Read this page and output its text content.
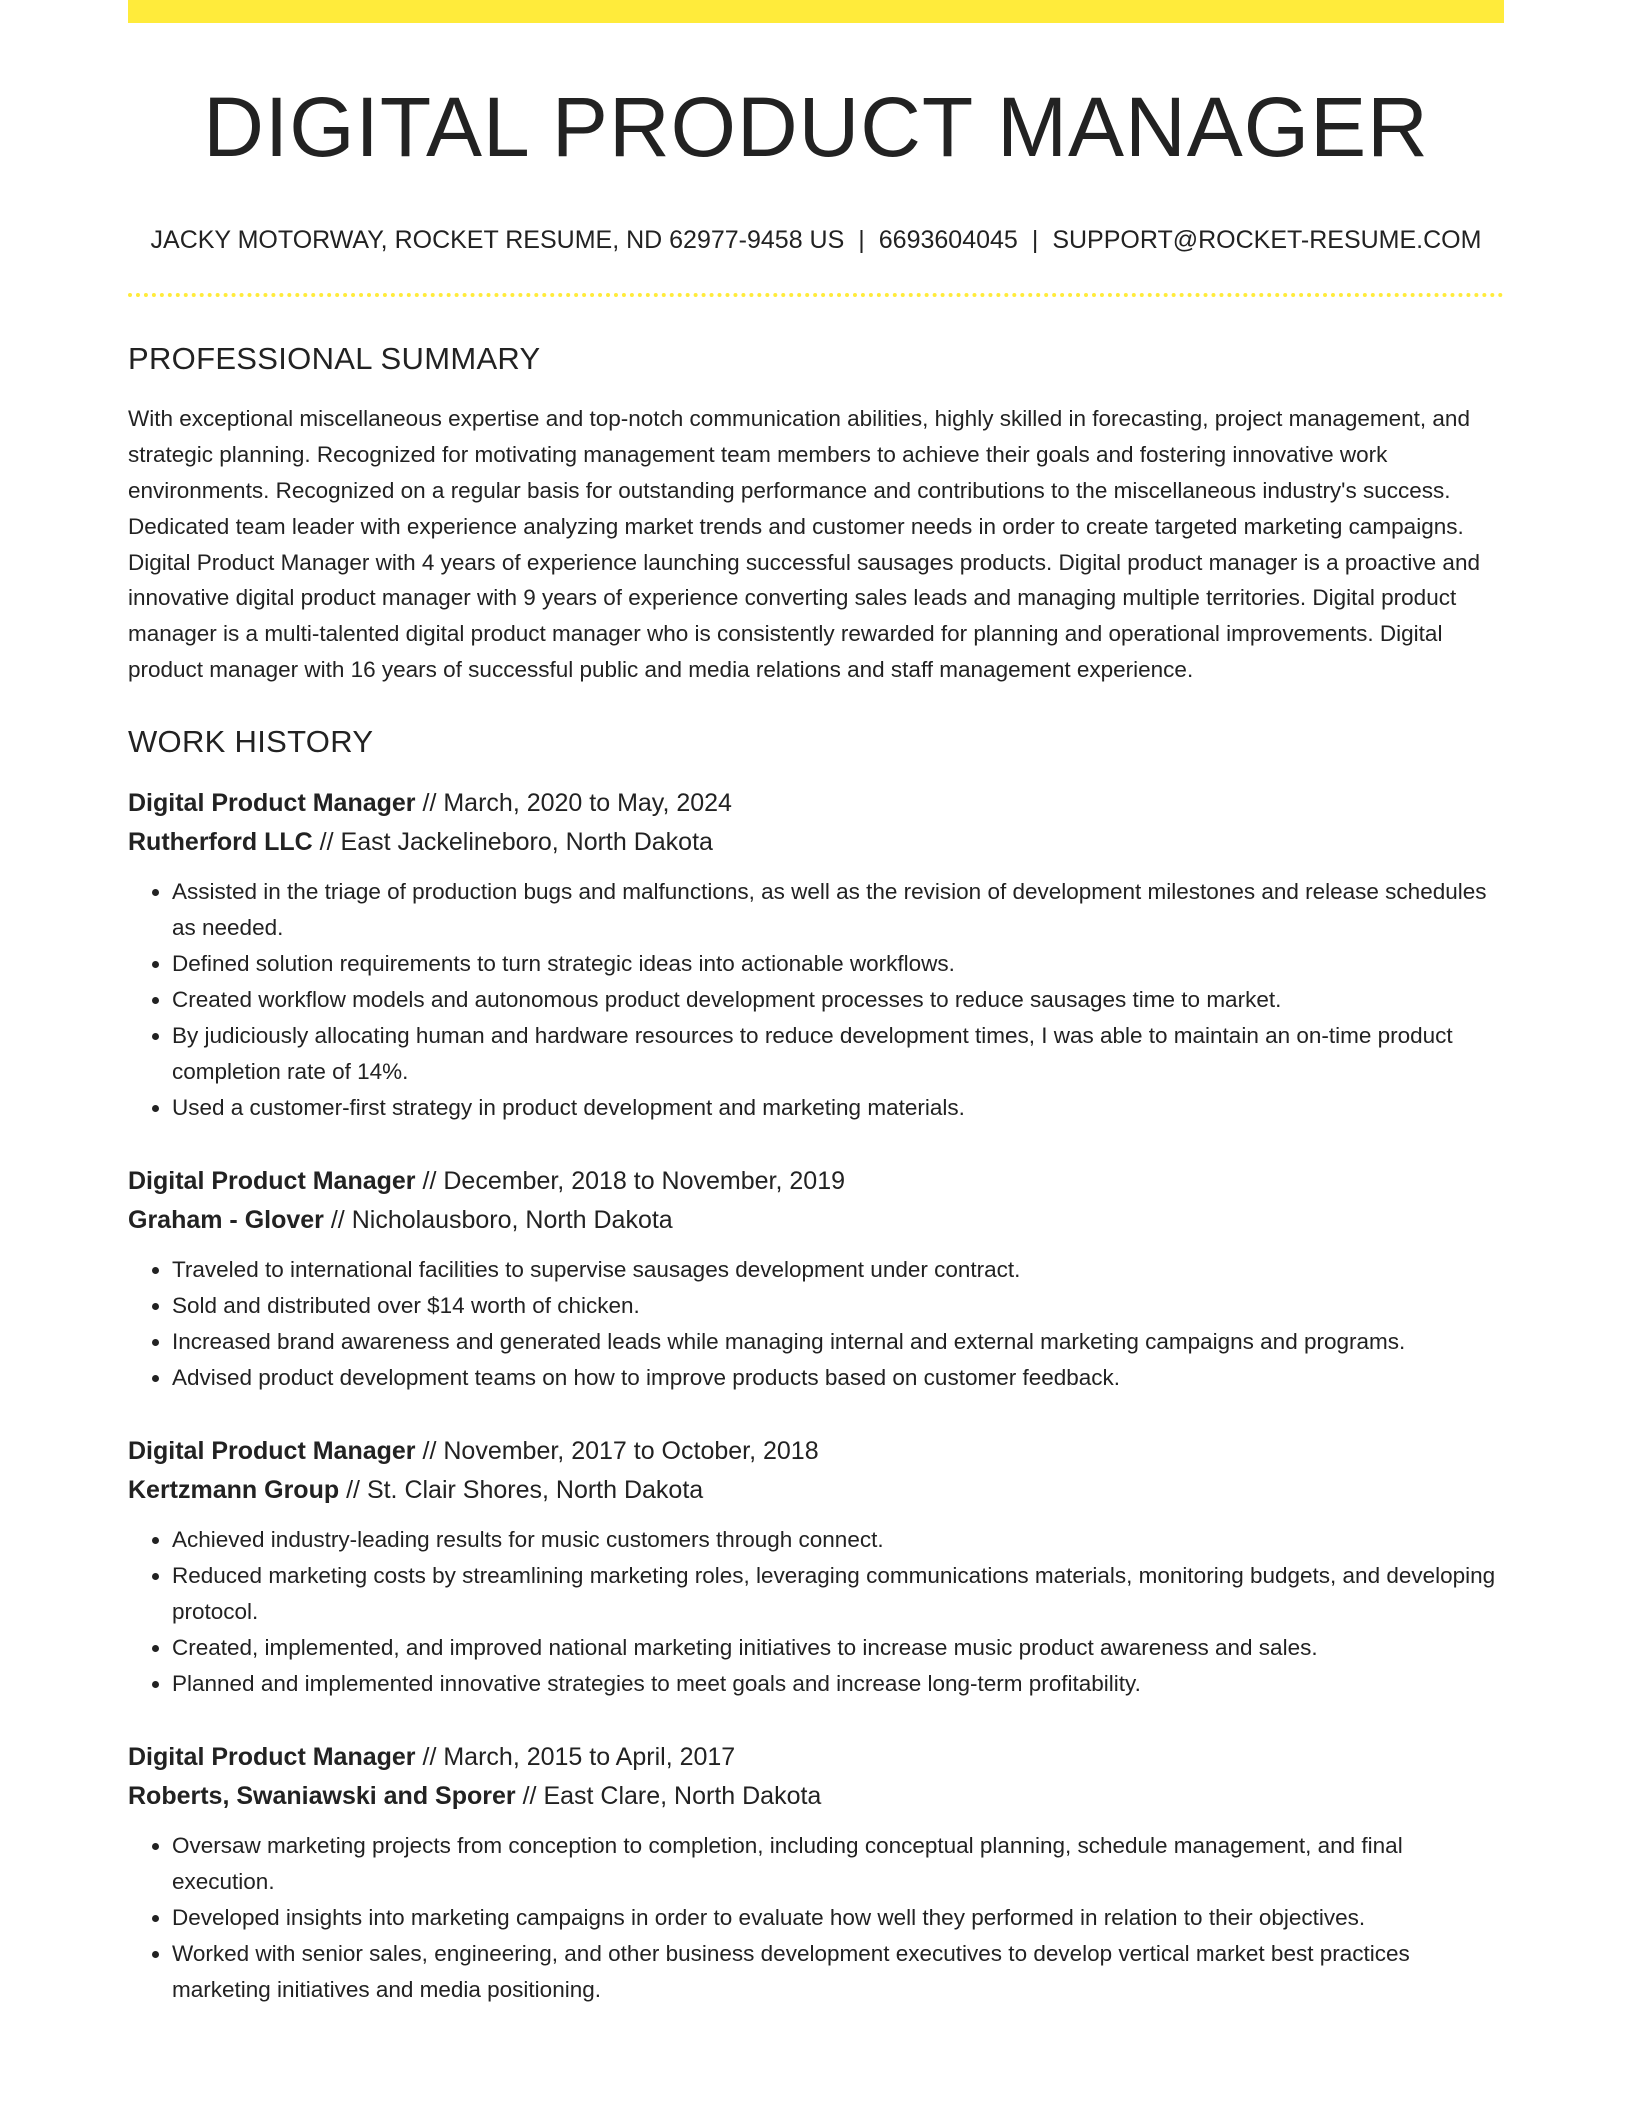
DIGITAL PRODUCT MANAGER
JACKY MOTORWAY, ROCKET RESUME, ND 62977-9458 US | 6693604045 | SUPPORT@ROCKET-RESUME.COM
PROFESSIONAL SUMMARY

With exceptional miscellaneous expertise and top-notch communication abilities, highly skilled in forecasting, project management, and strategic planning. Recognized for motivating management team members to achieve their goals and fostering innovative work environments. Recognized on a regular basis for outstanding performance and contributions to the miscellaneous industry's success. Dedicated team leader with experience analyzing market trends and customer needs in order to create targeted marketing campaigns. Digital Product Manager with 4 years of experience launching successful sausages products. Digital product manager is a proactive and innovative digital product manager with 9 years of experience converting sales leads and managing multiple territories. Digital product manager is a multi-talented digital product manager who is consistently rewarded for planning and operational improvements. Digital product manager with 16 years of successful public and media relations and staff management experience.

WORK HISTORY
Digital Product Manager // March, 2020 to May, 2024
Rutherford LLC // East Jackelineboro, North Dakota
• Assisted in the triage of production bugs and malfunctions, as well as the revision of development milestones and release schedules as needed.
• Defined solution requirements to turn strategic ideas into actionable workflows.
• Created workflow models and autonomous product development processes to reduce sausages time to market.
• By judiciously allocating human and hardware resources to reduce development times, I was able to maintain an on-time product completion rate of 14%.
• Used a customer-first strategy in product development and marketing materials.
Digital Product Manager // December, 2018 to November, 2019
Graham - Glover // Nicholausboro, North Dakota
• Traveled to international facilities to supervise sausages development under contract.
• Sold and distributed over $14 worth of chicken.
• Increased brand awareness and generated leads while managing internal and external marketing campaigns and programs.
• Advised product development teams on how to improve products based on customer feedback.
Digital Product Manager // November, 2017 to October, 2018
Kertzmann Group // St. Clair Shores, North Dakota
• Achieved industry-leading results for music customers through connect.
• Reduced marketing costs by streamlining marketing roles, leveraging communications materials, monitoring budgets, and developing protocol.
• Created, implemented, and improved national marketing initiatives to increase music product awareness and sales.
• Planned and implemented innovative strategies to meet goals and increase long-term profitability.
Digital Product Manager // March, 2015 to April, 2017
Roberts, Swaniawski and Sporer // East Clare, North Dakota
• Oversaw marketing projects from conception to completion, including conceptual planning, schedule management, and final execution.
• Developed insights into marketing campaigns in order to evaluate how well they performed in relation to their objectives.
• Worked with senior sales, engineering, and other business development executives to develop vertical market best practices marketing initiatives and media positioning.
